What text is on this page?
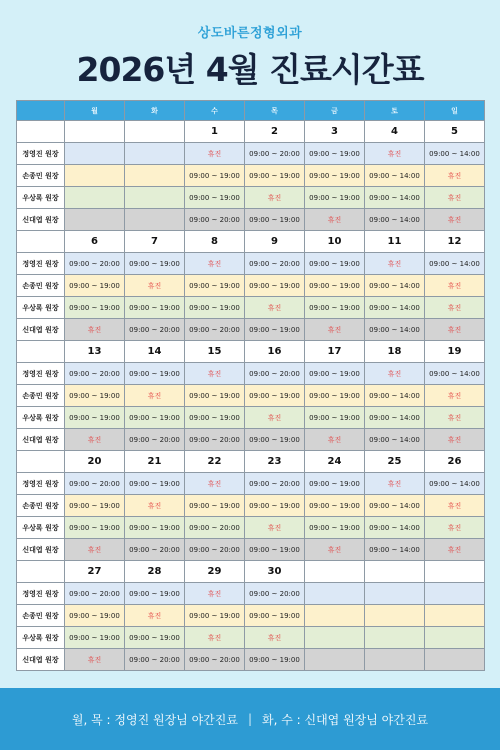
상도바른정형외과
2026년 4월 진료시간표
	월	화	수	목	금	토	일
			1	2	3	4	5
정영진 원장			휴진	09:00 ~ 20:00	09:00 ~ 19:00	휴진	09:00 ~ 14:00
손종민 원장			09:00 ~ 19:00	09:00 ~ 19:00	09:00 ~ 19:00	09:00 ~ 14:00	휴진
우상록 원장			09:00 ~ 19:00	휴진	09:00 ~ 19:00	09:00 ~ 14:00	휴진
신대엽 원장			09:00 ~ 20:00	09:00 ~ 19:00	휴진	09:00 ~ 14:00	휴진
	6	7	8	9	10	11	12
정영진 원장	09:00 ~ 20:00	09:00 ~ 19:00	휴진	09:00 ~ 20:00	09:00 ~ 19:00	휴진	09:00 ~ 14:00
손종민 원장	09:00 ~ 19:00	휴진	09:00 ~ 19:00	09:00 ~ 19:00	09:00 ~ 19:00	09:00 ~ 14:00	휴진
우상록 원장	09:00 ~ 19:00	09:00 ~ 19:00	09:00 ~ 19:00	휴진	09:00 ~ 19:00	09:00 ~ 14:00	휴진
신대엽 원장	휴진	09:00 ~ 20:00	09:00 ~ 20:00	09:00 ~ 19:00	휴진	09:00 ~ 14:00	휴진
	13	14	15	16	17	18	19
정영진 원장	09:00 ~ 20:00	09:00 ~ 19:00	휴진	09:00 ~ 20:00	09:00 ~ 19:00	휴진	09:00 ~ 14:00
손종민 원장	09:00 ~ 19:00	휴진	09:00 ~ 19:00	09:00 ~ 19:00	09:00 ~ 19:00	09:00 ~ 14:00	휴진
우상록 원장	09:00 ~ 19:00	09:00 ~ 19:00	09:00 ~ 19:00	휴진	09:00 ~ 19:00	09:00 ~ 14:00	휴진
신대엽 원장	휴진	09:00 ~ 20:00	09:00 ~ 20:00	09:00 ~ 19:00	휴진	09:00 ~ 14:00	휴진
	20	21	22	23	24	25	26
정영진 원장	09:00 ~ 20:00	09:00 ~ 19:00	휴진	09:00 ~ 20:00	09:00 ~ 19:00	휴진	09:00 ~ 14:00
손종민 원장	09:00 ~ 19:00	휴진	09:00 ~ 19:00	09:00 ~ 19:00	09:00 ~ 19:00	09:00 ~ 14:00	휴진
우상록 원장	09:00 ~ 19:00	09:00 ~ 19:00	09:00 ~ 20:00	휴진	09:00 ~ 19:00	09:00 ~ 14:00	휴진
신대엽 원장	휴진	09:00 ~ 20:00	09:00 ~ 20:00	09:00 ~ 19:00	휴진	09:00 ~ 14:00	휴진
	27	28	29	30			
정영진 원장	09:00 ~ 20:00	09:00 ~ 19:00	휴진	09:00 ~ 20:00			
손종민 원장	09:00 ~ 19:00	휴진	09:00 ~ 19:00	09:00 ~ 19:00			
우상록 원장	09:00 ~ 19:00	09:00 ~ 19:00	휴진	휴진			
신대엽 원장	휴진	09:00 ~ 20:00	09:00 ~ 20:00	09:00 ~ 19:00			
월, 목 : 정영진 원장님 야간진료 | 화, 수 : 신대엽 원장님 야간진료
